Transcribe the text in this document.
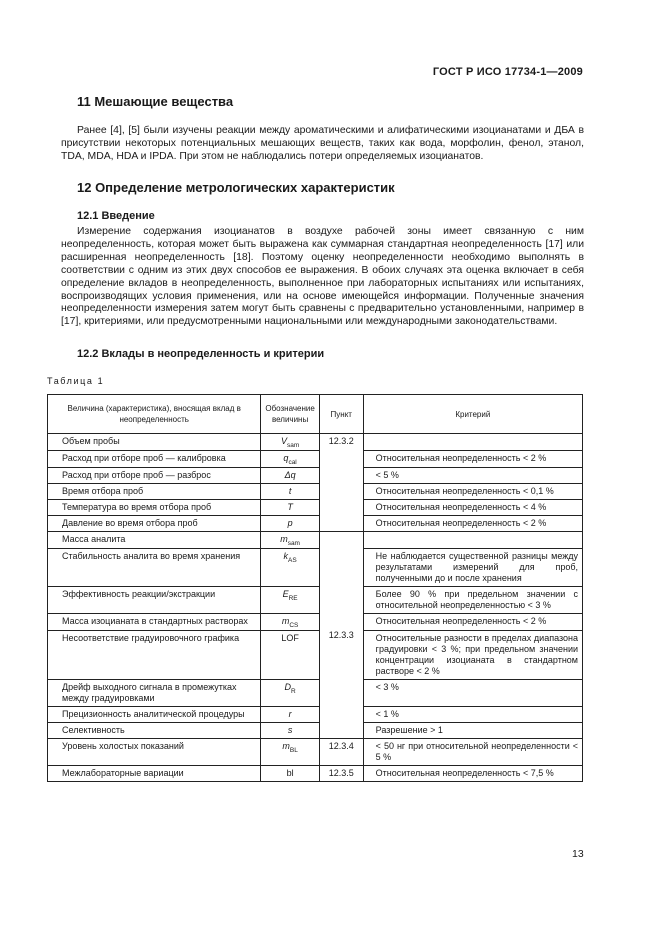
ГОСТ Р ИСО 17734-1—2009
11 Мешающие вещества
Ранее [4], [5] были изучены реакции между ароматическими и алифатическими изоцианатами и ДБА в присутствии некоторых потенциальных мешающих веществ, таких как вода, морфолин, фенол, этанол, TDA, MDA, HDA и IPDA. При этом не наблюдались потери определяемых изоцианатов.
12 Определение метрологических характеристик
12.1 Введение
Измерение содержания изоцианатов в воздухе рабочей зоны имеет связанную с ним неопределенность, которая может быть выражена как суммарная стандартная неопределенность [17] или расширенная неопределенность [18]. Поэтому оценку неопределенности необходимо выполнять в соответствии с одним из этих двух способов ее выражения. В обоих случаях эта оценка включает в себя определение вкладов в неопределенность, выполненное при лабораторных испытаниях или испытаниях, воспроизводящих условия применения, или на основе имеющейся информации. Полученные значения неопределенности измерения затем могут быть сравнены с предварительно установленными, например в [17], критериями, или предусмотренными национальными или международными законодательствами.
12.2 Вклады в неопределенность и критерии
Таблица 1
Величина (характеристика), вносящая вклад в неопределенность	Обозначение величины	Пункт	Критерий
Объем пробы	$V_{sam}$	12.3.2	
Расход при отборе проб — калибровка	$q_{cal}$		Относительная неопределенность < 2 %
Расход при отборе проб — разброс	Δq		< 5 %
Время отбора проб	t		Относительная неопределенность < 0,1 %
Температура во время отбора проб	T		Относительная неопределенность < 4 %
Давление во время отбора проб	p		Относительная неопределенность < 2 %
Масса аналита	$m_{sam}$	12.3.3	
Стабильность аналита во время хранения	$k_{AS}$		Не наблюдается существенной разницы между результатами измерений для проб, полученными до и после хранения
Эффективность реакции/экстракции	$E_{RE}$		Более 90 % при предельном значении с относительной неопределенностью < 3 %
Масса изоцианата в стандартных растворах	$m_{CS}$		Относительная неопределенность < 2 %
Несоответствие градуировочного графика	LOF		Относительные разности в пределах диапазона градуировки < 3 %; при предельном значении концентрации изоцианата в стандартном растворе < 2 %
Дрейф выходного сигнала в промежутках между градуировками	$D_R$		< 3 %
Прецизионность аналитической процедуры	r		< 1 %
Селективность	s		Разрешение > 1
Уровень холостых показаний	$m_{BL}$	12.3.4	< 50 нг при относительной неопределенности < 5 %
Межлабораторные вариации	bl	12.3.5	Относительная неопределенность < 7,5 %
13
